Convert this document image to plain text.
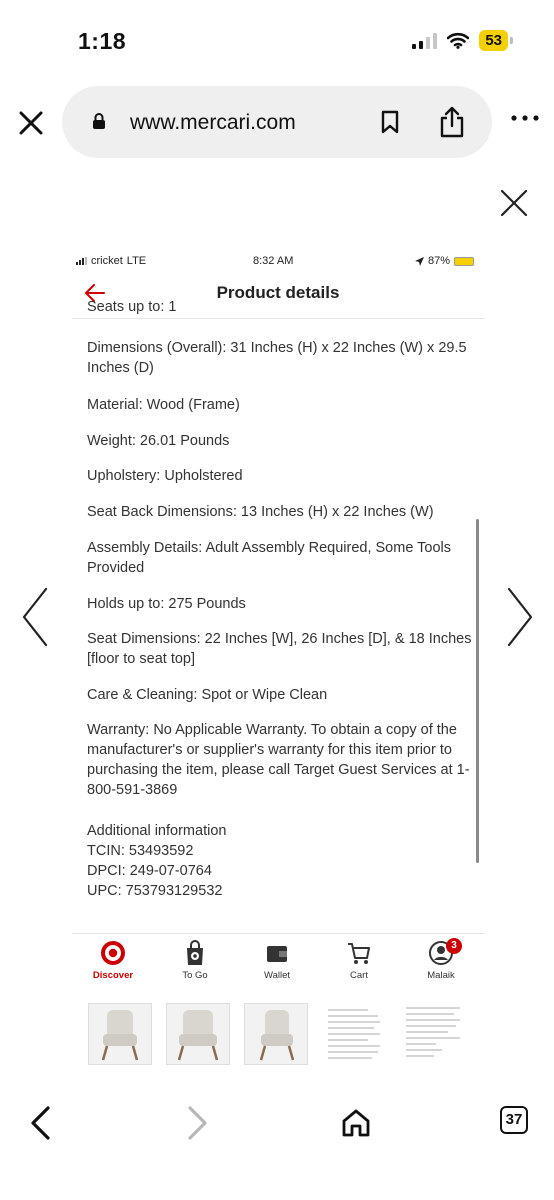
1:18	53
www.mercari.com
cricket LTE	8:32 AM	87%
Product details
Seats up to: 1
Dimensions (Overall): 31 Inches (H) x 22 Inches (W) x 29.5 Inches (D)
Material: Wood (Frame)
Weight: 26.01 Pounds
Upholstery: Upholstered
Seat Back Dimensions: 13 Inches (H) x 22 Inches (W)
Assembly Details: Adult Assembly Required, Some Tools Provided
Holds up to: 275 Pounds
Seat Dimensions: 22 Inches [W], 26 Inches [D], & 18 Inches [floor to seat top]
Care & Cleaning: Spot or Wipe Clean
Warranty: No Applicable Warranty. To obtain a copy of the manufacturer's or supplier's warranty for this item prior to purchasing the item, please call Target Guest Services at 1-800-591-3869
Additional information
TCIN: 53493592
DPCI: 249-07-0764
UPC: 753793129532
Discover	To Go	Wallet	Cart
3
Malaik
37
